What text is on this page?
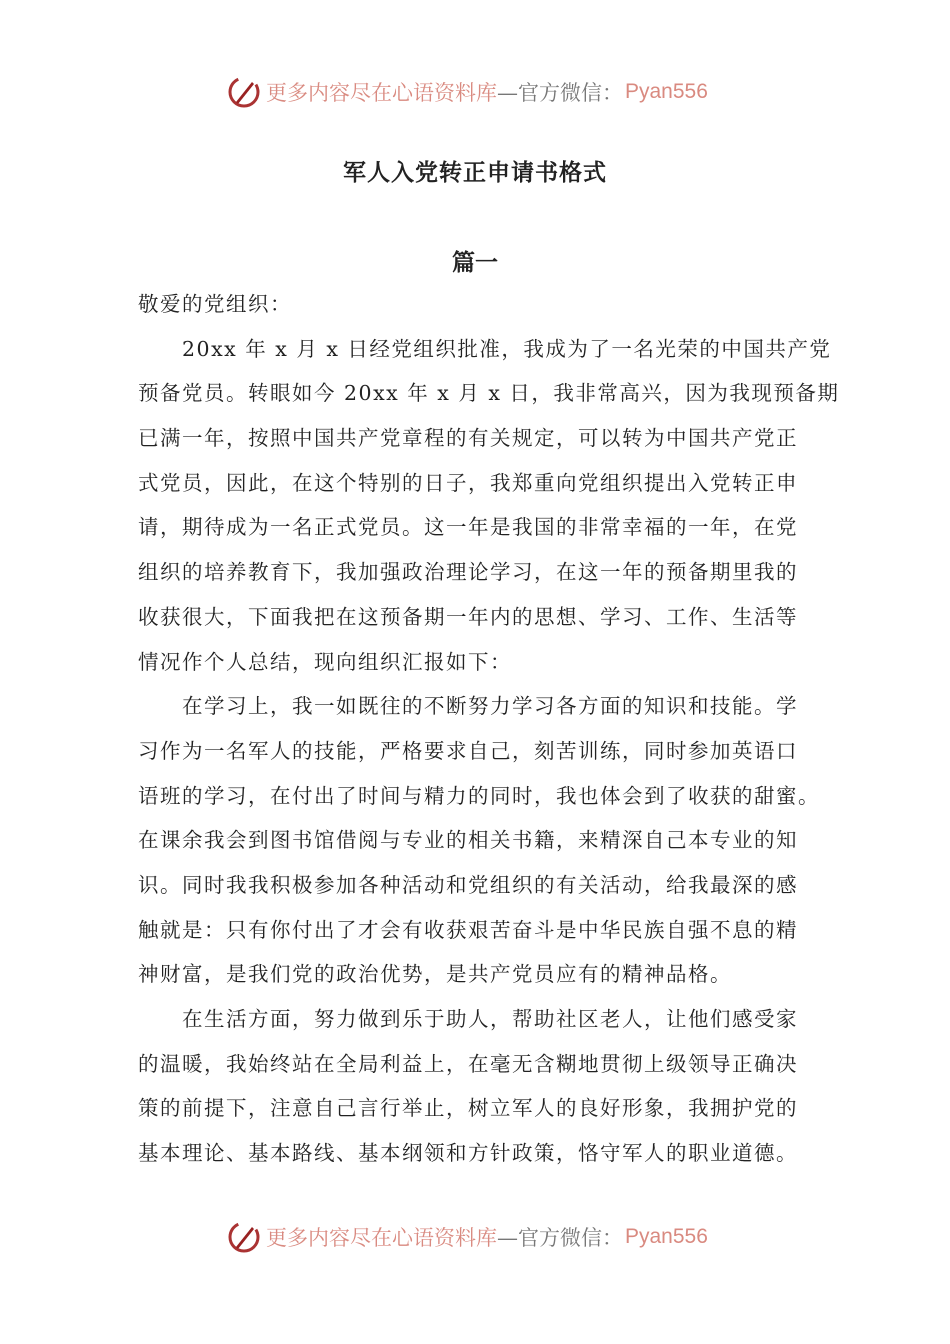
更多内容尽在心语资料库 —官方微信： Pyan556
军人入党转正申请书格式
篇一
敬爱的党组织：
20xx 年 x 月 x 日经党组织批准，我成为了一名光荣的中国共产党
预备党员。转眼如今 20xx 年 x 月 x 日，我非常高兴，因为我现预备期
已满一年，按照中国共产党章程的有关规定，可以转为中国共产党正
式党员，因此，在这个特别的日子，我郑重向党组织提出入党转正申
请，期待成为一名正式党员。这一年是我国的非常幸福的一年，在党
组织的培养教育下，我加强政治理论学习，在这一年的预备期里我的
收获很大，下面我把在这预备期一年内的思想、学习、工作、生活等
情况作个人总结，现向组织汇报如下：
在学习上，我一如既往的不断努力学习各方面的知识和技能。学
习作为一名军人的技能，严格要求自己，刻苦训练，同时参加英语口
语班的学习，在付出了时间与精力的同时，我也体会到了收获的甜蜜。
在课余我会到图书馆借阅与专业的相关书籍，来精深自己本专业的知
识。同时我我积极参加各种活动和党组织的有关活动，给我最深的感
触就是：只有你付出了才会有收获艰苦奋斗是中华民族自强不息的精
神财富，是我们党的政治优势，是共产党员应有的精神品格。
在生活方面，努力做到乐于助人，帮助社区老人，让他们感受家
的温暖，我始终站在全局利益上，在毫无含糊地贯彻上级领导正确决
策的前提下，注意自己言行举止，树立军人的良好形象，我拥护党的
基本理论、基本路线、基本纲领和方针政策，恪守军人的职业道德。
更多内容尽在心语资料库 —官方微信： Pyan556
